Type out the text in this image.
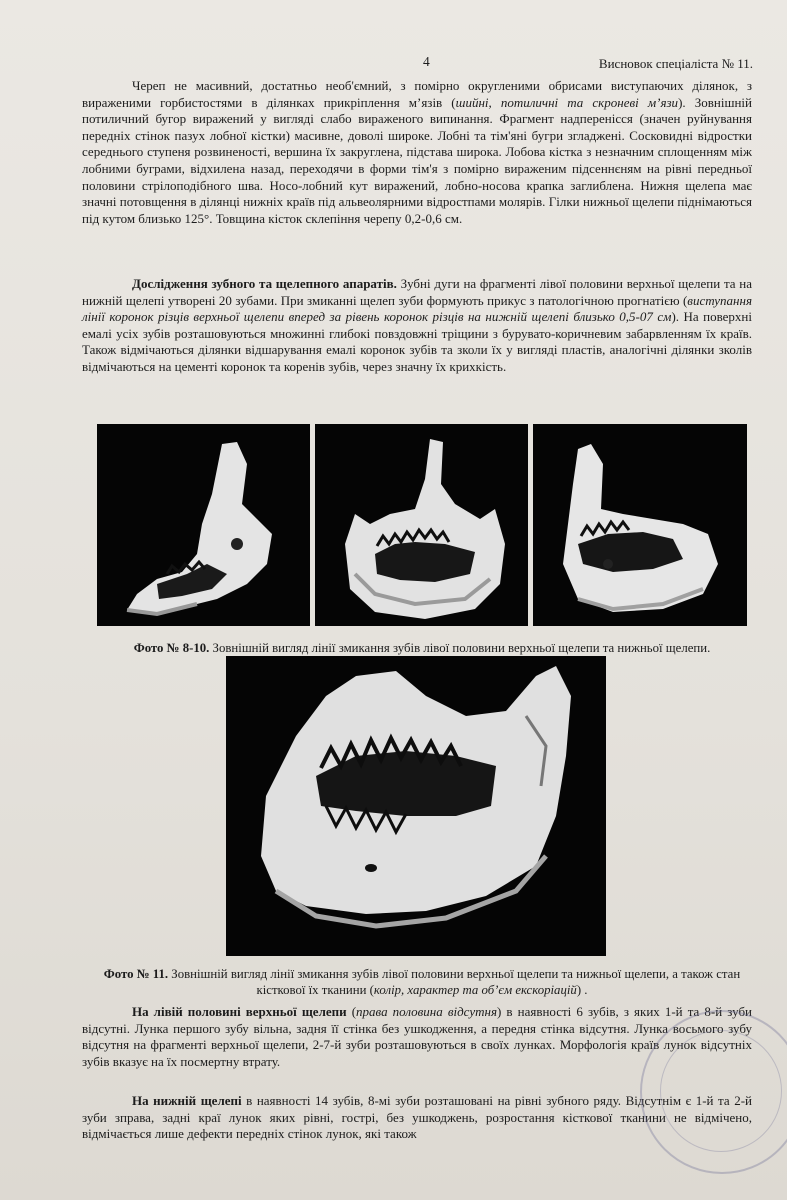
4	Висновок спеціаліста № 11.

Череп не масивний, достатньо необ'ємний, з помірно округленими обрисами виступаючих ділянок, з вираженими горбистостями в ділянках прикріплення м’язів (шийні, потиличні та скроневі м’язи). Зовнішній потиличний бугор виражений у вигляді слабо вираженого випинання. Фрагмент надперенісся (значен руйнування передніх стінок пазух лобної кістки) масивне, доволі широке. Лобні та тім'яні бугри згладжені. Сосковидні відростки середнього ступеня розвиненості, вершина їх закруглена, підстава широка. Лобова кістка з незначним сплощенням між лобними буграми, відхилена назад, переходячи в форми тім'я з помірно вираженим підсеннєням на рівні передньої половини стрілоподібного шва. Носо-лобний кут виражений, лобно-носова крапка заглиблена. Нижня щелепа має значні потовщення в ділянці нижніх країв під альвеолярними відростпами молярів. Гілки нижньої щелепи піднімаються під кутом близько 125°. Товщина кісток склепіння черепу 0,2-0,6 см.

Дослідження зубного та щелепного апаратів. Зубні дуги на фрагменті лівої половини верхньої щелепи та на нижній щелепі утворені 20 зубами. При змиканні щелеп зуби формують прикус з патологічною прогнатією (виступання лінії коронок різців верхньої щелепи вперед за рівень коронок різців на нижній щелепі близько 0,5-07 см). На поверхні емалі усіх зубів розташовуються множинні глибокі повздовжні тріщини з бурувато-коричневим забарвленням їх країв. Також відмічаються ділянки відшарування емалі коронок зубів та зколи їх у вигляді пластів, аналогічні ділянки зколів відмічаються на цементі коронок та коренів зубів, через значну їх крихкість.

Фото № 8-10. Зовнішній вигляд лінії змикання зубів лівої половини верхньої щелепи та нижньої щелепи.
Фото № 11. Зовнішній вигляд лінії змикання зубів лівої половини верхньої щелепи та нижньої щелепи, а також стан кісткової їх тканини (колір, характер та об’єм екскоріацій) .

На лівій половині верхньої щелепи (права половина відсутня) в наявності 6 зубів, з яких 1-й та 8-й зуби відсутні. Лунка першого зубу вільна, задня її стінка без ушкодження, а передня стінка відсутня. Лунка восьмого зубу відсутня на фрагменті верхньої щелепи, 2-7-й зуби розташовуються в своїх лунках. Морфологія країв лунок відсутніх зубів вказує на їх посмертну втрату.

На нижній щелепі в наявності 14 зубів, 8-мі зуби розташовані на рівні зубного ряду. Відсутнім є 1-й та 2-й зуби зправа, задні краї лунок яких рівні, гострі, без ушкоджень, розростання кісткової тканини не відмічено, відмічається лише дефекти передніх стінок лунок, які також
